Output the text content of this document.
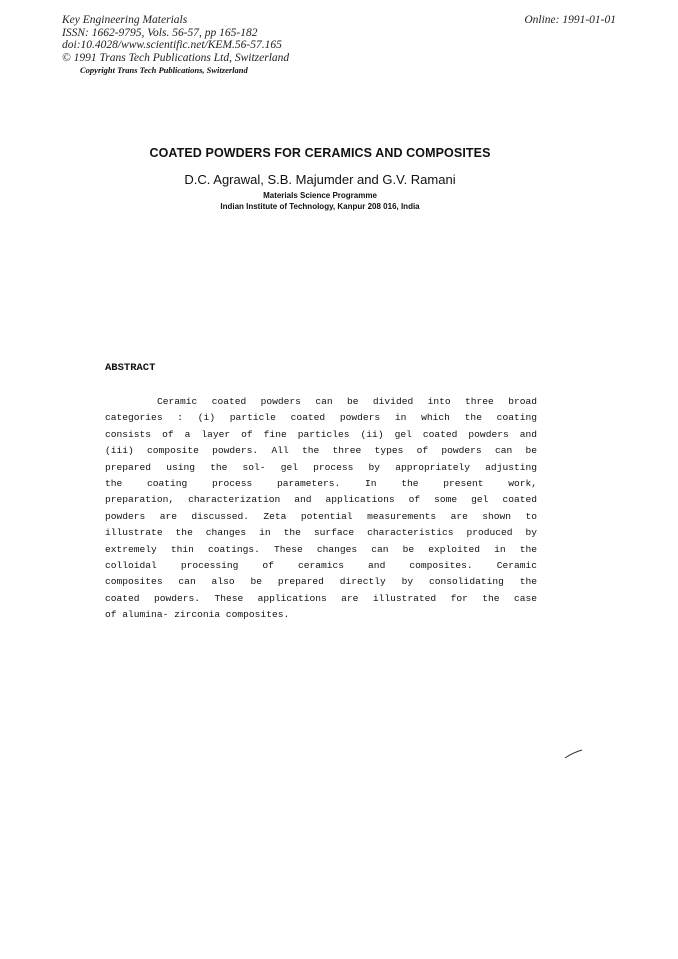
Key Engineering Materials
ISSN: 1662-9795, Vols. 56-57, pp 165-182
doi:10.4028/www.scientific.net/KEM.56-57.165
© 1991 Trans Tech Publications Ltd, Switzerland
Copyright Trans Tech Publications, Switzerland
Online: 1991-01-01
COATED POWDERS FOR CERAMICS AND COMPOSITES
D.C. Agrawal, S.B. Majumder and G.V. Ramani
Materials Science Programme
Indian Institute of Technology, Kanpur 208 016, India
ABSTRACT
Ceramic coated powders can be divided into three broad
categories : (i) particle coated powders in which the coating
consists of a layer of fine particles (ii) gel coated powders and
(iii) composite powders. All the three types of powders can be
prepared using the sol- gel process by appropriately adjusting
the coating process parameters. In the present work,
preparation, characterization and applications of some gel coated
powders are discussed. Zeta potential measurements are shown to
illustrate the changes in the surface characteristics produced by
extremely thin coatings. These changes can be exploited in the
colloidal processing of ceramics and composites. Ceramic
composites can also be prepared directly by consolidating the
coated powders. These applications are illustrated for the case
of alumina- zirconia composites.
